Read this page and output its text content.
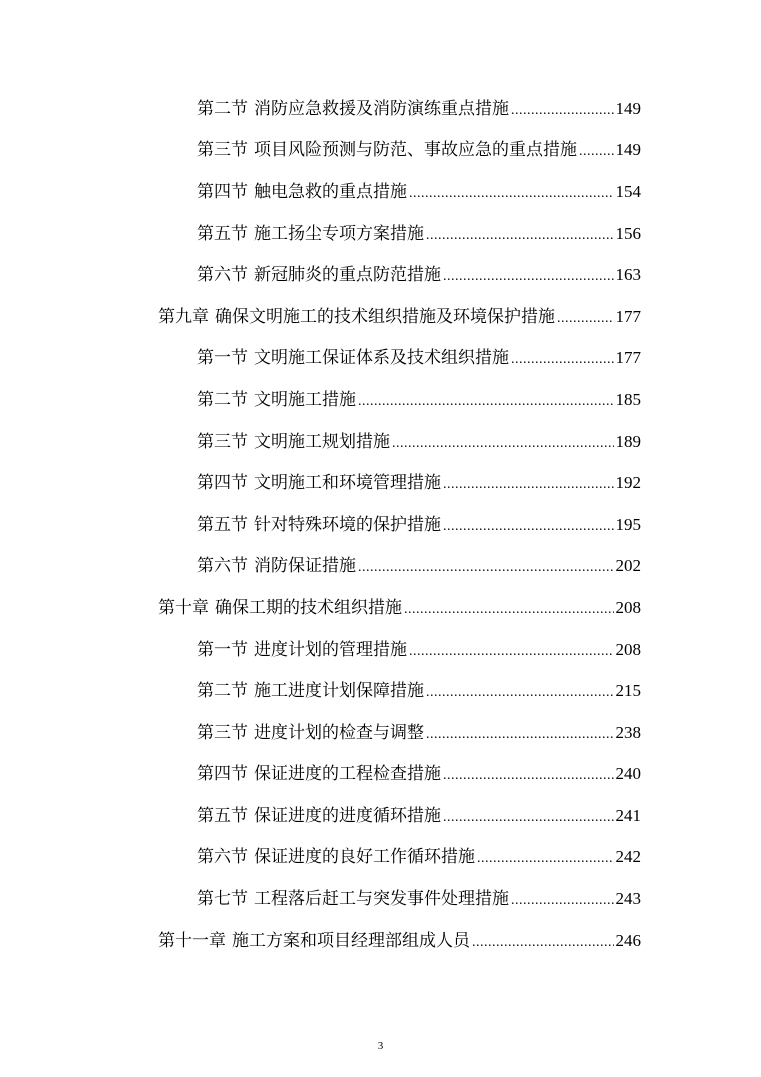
第二节 消防应急救援及消防演练重点措施 .....	149
第三节 项目风险预测与防范、事故应急的重点措施 ..... 149
第四节 触电急救的重点措施 .....	154
第五节 施工扬尘专项方案措施 .....	156
第六节 新冠肺炎的重点防范措施 .....	163
第九章 确保文明施工的技术组织措施及环境保护措施 .....	177
第一节 文明施工保证体系及技术组织措施 .....	177
第二节 文明施工措施 .....	185
第三节 文明施工规划措施 .....	189
第四节 文明施工和环境管理措施 .....	192
第五节 针对特殊环境的保护措施 .....	195
第六节 消防保证措施 .....	202
第十章 确保工期的技术组织措施 .....	208
第一节 进度计划的管理措施 .....	208
第二节 施工进度计划保障措施 .....	215
第三节 进度计划的检查与调整 .....	238
第四节 保证进度的工程检查措施 .....	240
第五节 保证进度的进度循环措施 .....	241
第六节 保证进度的良好工作循环措施 .....	242
第七节 工程落后赶工与突发事件处理措施 .....	243
第十一章 施工方案和项目经理部组成人员 .....	246
3
